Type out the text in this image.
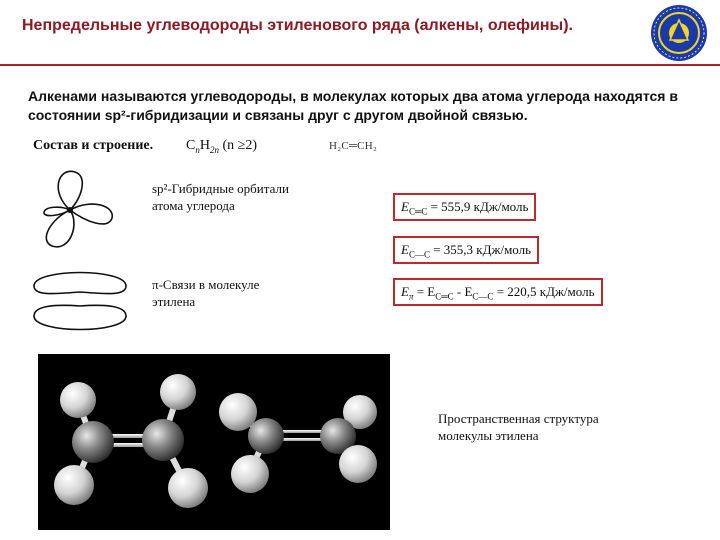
Непредельные углеводороды этиленового ряда (алкены, олефины).
Алкенами называются углеводороды, в молекулах которых два атома углерода находятся в состоянии sp²-гибридизации и связаны друг с другом двойной связью.
Состав и строение. $C_nH_{2n}$ (n ≥2)	H₂C═CH₂
sp²-Гибридные орбитали
атома углерода
π-Связи в молекуле
этилена
$E_{C═C} = 555,9$ кДж/моль
$E_{C—C} = 355,3$ кДж/моль
$E_\pi = E_{C═C} - E_{C—C} = 220,5$ кДж/моль
Пространственная структура
молекулы этилена
